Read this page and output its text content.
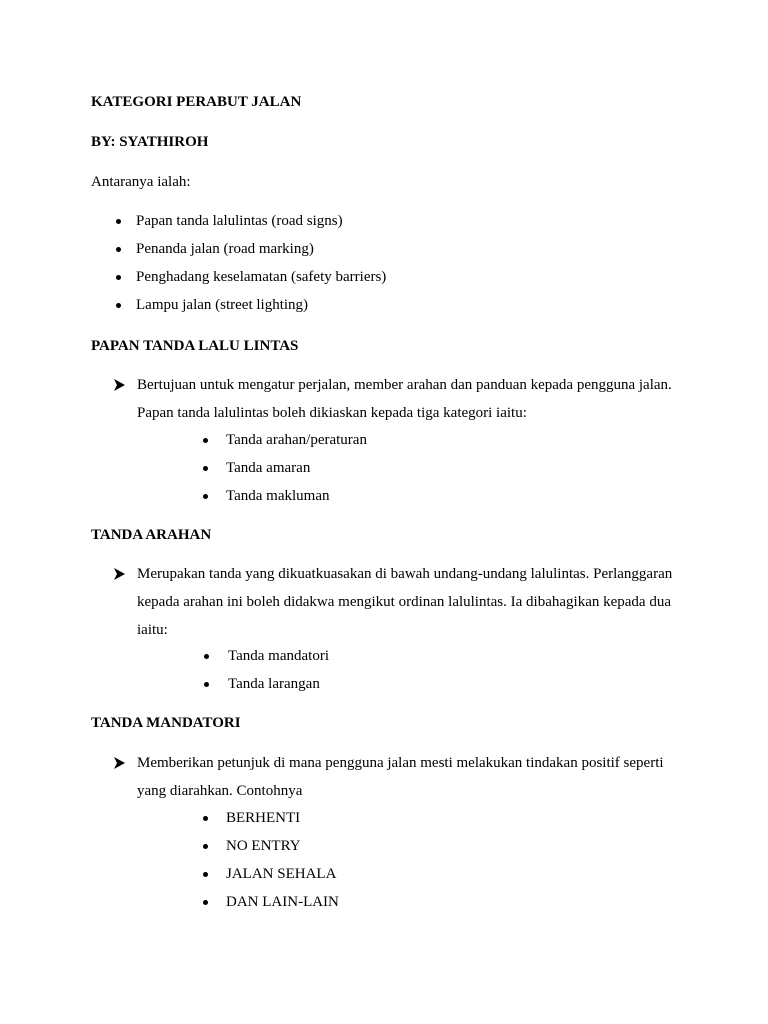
KATEGORI PERABUT JALAN
BY: SYATHIROH
Antaranya ialah:
Papan tanda lalulintas (road signs)
Penanda jalan (road marking)
Penghadang keselamatan (safety barriers)
Lampu jalan (street lighting)
PAPAN TANDA LALU LINTAS
Bertujuan untuk mengatur perjalan, member arahan dan panduan kepada pengguna jalan.
Papan tanda lalulintas boleh dikiaskan kepada tiga kategori iaitu:
Tanda arahan/peraturan
Tanda amaran
Tanda makluman
TANDA ARAHAN
Merupakan tanda yang dikuatkuasakan di bawah undang-undang lalulintas. Perlanggaran
kepada arahan ini boleh didakwa mengikut ordinan lalulintas. Ia dibahagikan kepada dua
iaitu:
Tanda mandatori
Tanda larangan
TANDA MANDATORI
Memberikan petunjuk di mana pengguna jalan mesti melakukan tindakan positif seperti
yang diarahkan. Contohnya
BERHENTI
NO ENTRY
JALAN SEHALA
DAN LAIN-LAIN
